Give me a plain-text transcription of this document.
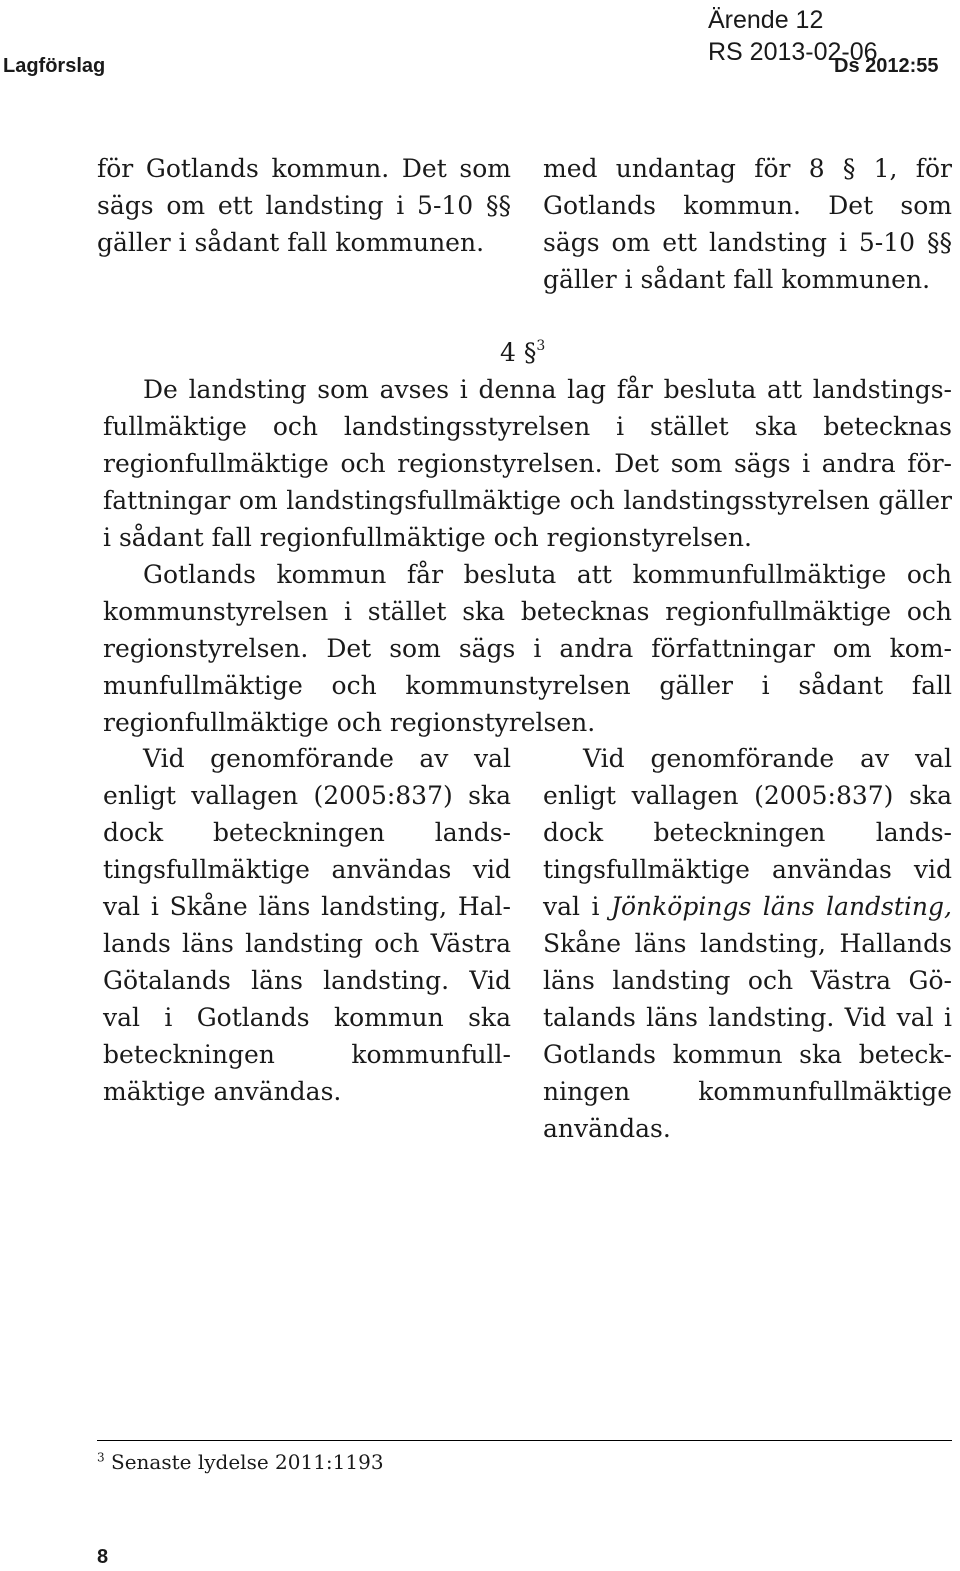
Lagförslag
Ärende 12
RS 2013-02-06
Ds 2012:55

för Gotlands kommun. Det som sägs om ett landsting i 5-10 §§ gäller i sådant fall kommunen.

med undantag för 8 § 1, för Gotlands kommun. Det som sägs om ett landsting i 5-10 §§ gäller i sådant fall kommunen.

4 §$^3$

De landsting som avses i denna lag får besluta att landstingsfullmäktige och landstingsstyrelsen i stället ska betecknas regionfullmäktige och regionstyrelsen. Det som sägs i andra författningar om landstingsfullmäktige och landstingsstyrelsen gäller i sådant fall regionfullmäktige och regionstyrelsen.

Gotlands kommun får besluta att kommunfullmäktige och kommunstyrelsen i stället ska betecknas regionfullmäktige och regionstyrelsen. Det som sägs i andra författningar om kommunfullmäktige och kommunstyrelsen gäller i sådant fall regionfullmäktige och regionstyrelsen.

Vid genomförande av val enligt vallagen (2005:837) ska dock beteckningen landstingsfullmäktige användas vid val i Skåne läns landsting, Hallands läns landsting och Västra Götalands läns landsting. Vid val i Gotlands kommun ska beteckningen kommunfullmäktige användas.

Vid genomförande av val enligt vallagen (2005:837) ska dock beteckningen landstingsfullmäktige användas vid val i Jönköpings läns landsting, Skåne läns landsting, Hallands läns landsting och Västra Götalands läns landsting. Vid val i Gotlands kommun ska beteckningen kommunfullmäktige användas.

$^3$ Senaste lydelse 2011:1193
8
